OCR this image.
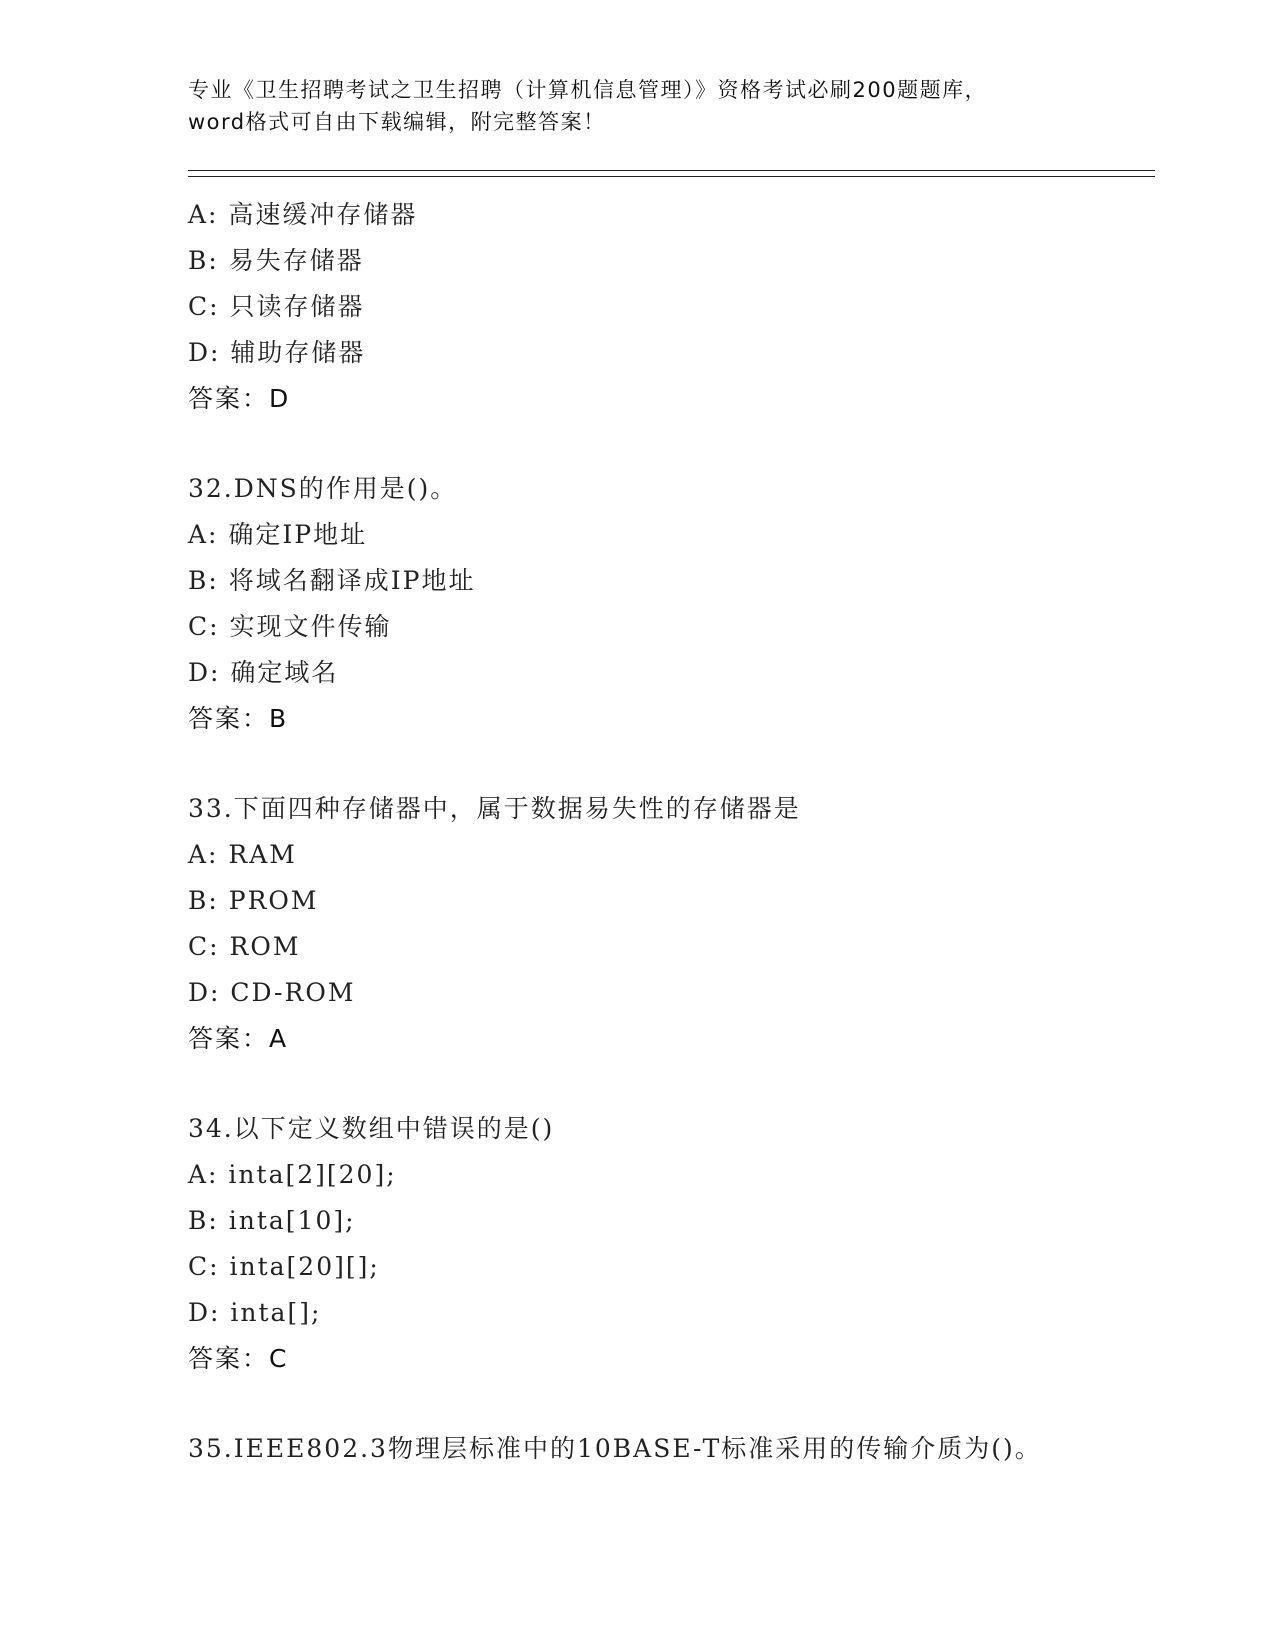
专业《卫生招聘考试之卫生招聘（计算机信息管理）》资格考试必刷200题题库，
word格式可自由下载编辑，附完整答案！
A: 高速缓冲存储器
B: 易失存储器
C: 只读存储器
D: 辅助存储器
答案：D
32.DNS的作用是()。
A: 确定IP地址
B: 将域名翻译成IP地址
C: 实现文件传输
D: 确定域名
答案：B
33.下面四种存储器中，属于数据易失性的存储器是
A: RAM
B: PROM
C: ROM
D: CD-ROM
答案：A
34.以下定义数组中错误的是()
A: inta[2][20];
B: inta[10];
C: inta[20][];
D: inta[];
答案：C
35.IEEE802.3物理层标准中的10BASE-T标准采用的传输介质为()。
